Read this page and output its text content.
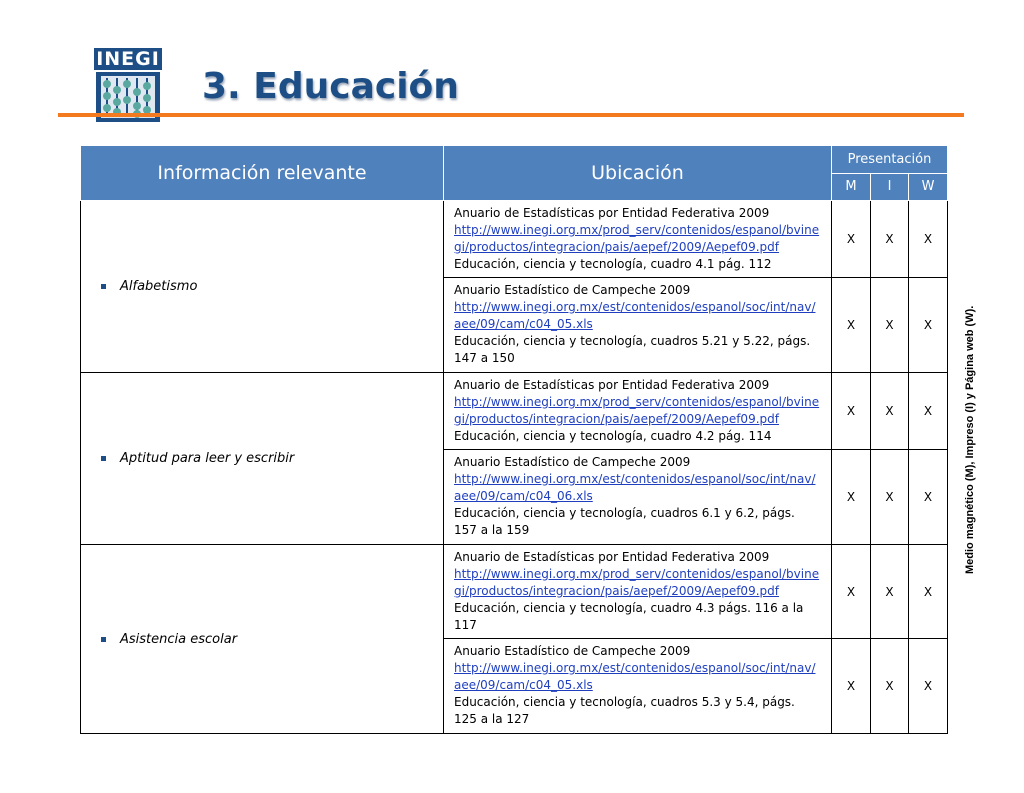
INEGI
3. Educación
Información relevante	Ubicación	Presentación		
		M	I	W
Alfabetismo	Anuario de Estadísticas por Entidad Federativa 2009
http://www.inegi.org.mx/prod_serv/contenidos/espanol/bvinegi/productos/integracion/pais/aepef/2009/Aepef09.pdf
Educación, ciencia y tecnología, cuadro 4.1 pág. 112	X	X	X
	Anuario Estadístico de Campeche 2009
http://www.inegi.org.mx/est/contenidos/espanol/soc/int/nav/aee/09/cam/c04_05.xls
Educación, ciencia y tecnología, cuadros 5.21 y 5.22, págs. 147 a 150	X	X	X
Aptitud para leer y escribir	Anuario de Estadísticas por Entidad Federativa 2009
http://www.inegi.org.mx/prod_serv/contenidos/espanol/bvinegi/productos/integracion/pais/aepef/2009/Aepef09.pdf
Educación, ciencia y tecnología, cuadro 4.2 pág. 114	X	X	X
	Anuario Estadístico de Campeche 2009
http://www.inegi.org.mx/est/contenidos/espanol/soc/int/nav/aee/09/cam/c04_06.xls
Educación, ciencia y tecnología, cuadros 6.1 y 6.2, págs. 157 a la 159	X	X	X
Asistencia escolar	Anuario de Estadísticas por Entidad Federativa 2009
http://www.inegi.org.mx/prod_serv/contenidos/espanol/bvinegi/productos/integracion/pais/aepef/2009/Aepef09.pdf
Educación, ciencia y tecnología, cuadro 4.3 págs. 116 a la 117	X	X	X
	Anuario Estadístico de Campeche 2009
http://www.inegi.org.mx/est/contenidos/espanol/soc/int/nav/aee/09/cam/c04_05.xls
Educación, ciencia y tecnología, cuadros 5.3 y 5.4, págs. 125 a la 127	X	X	X
Medio magnético (M), Impreso (I) y Página web (W).
